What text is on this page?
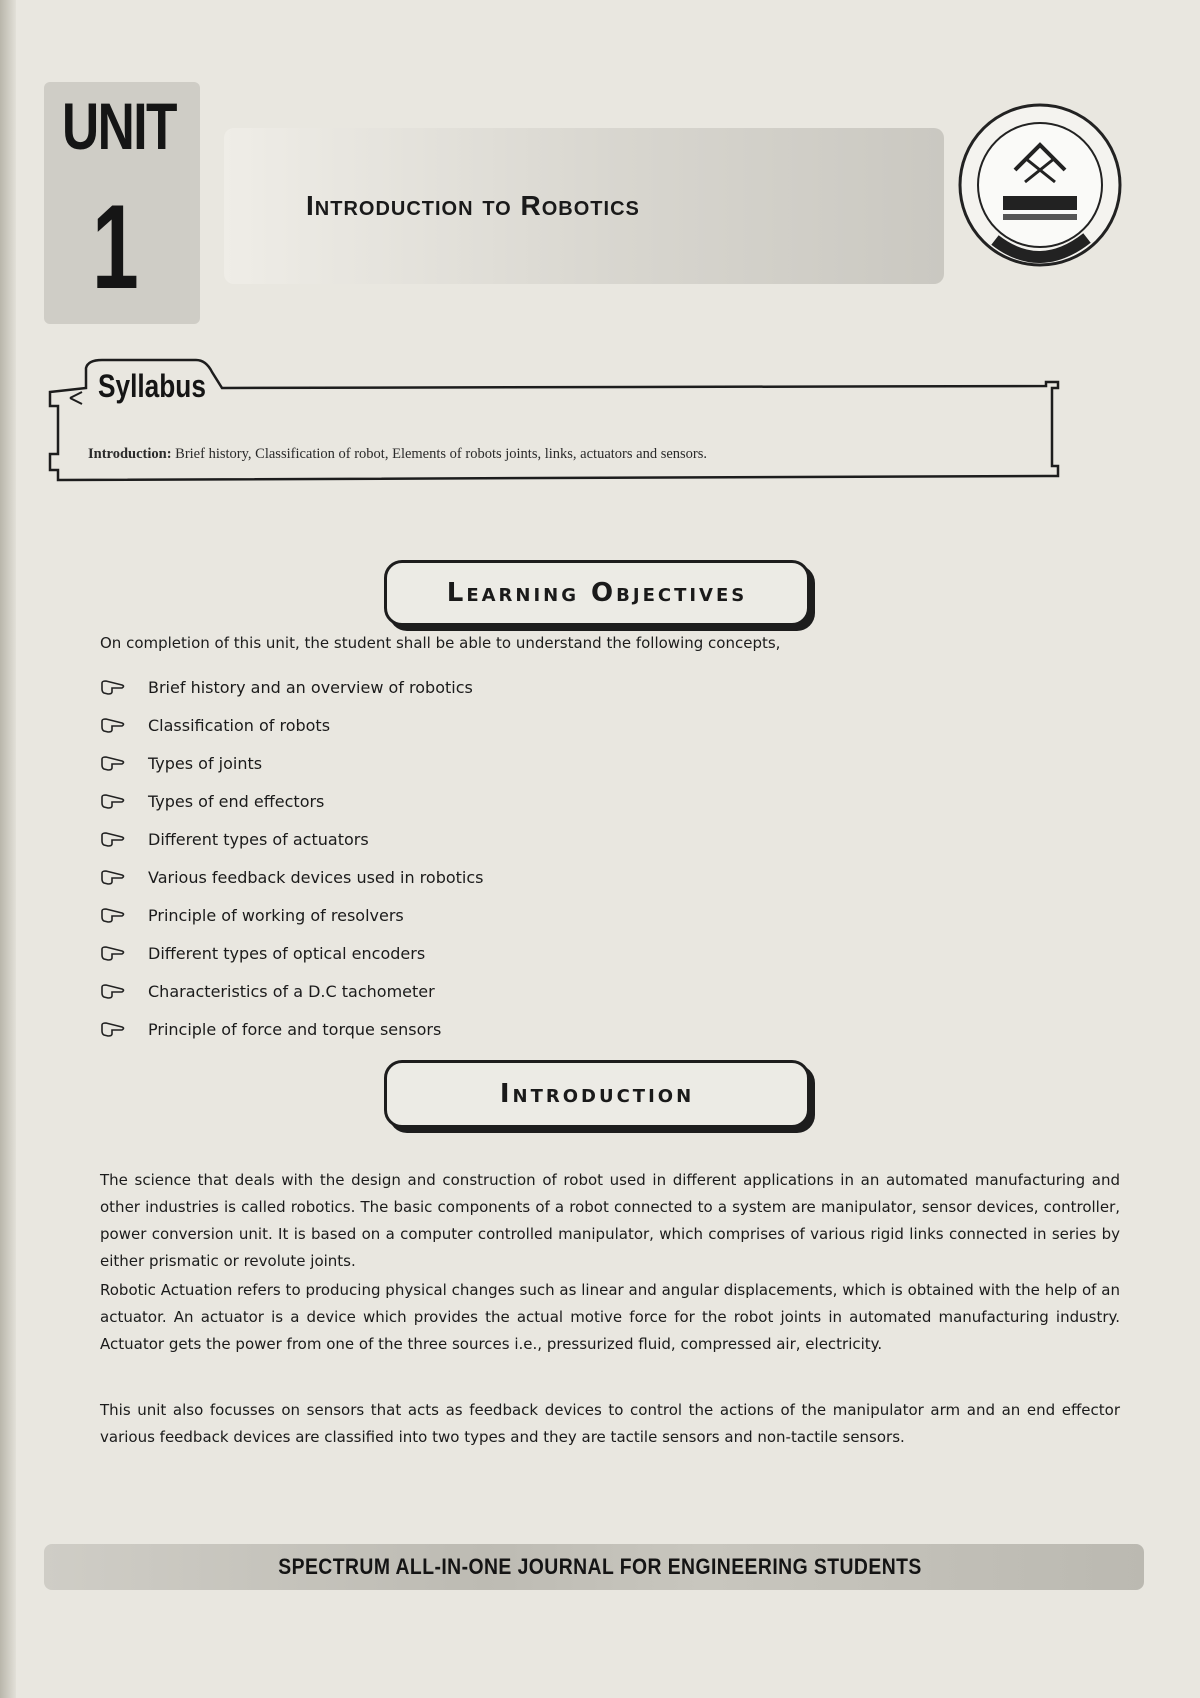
UNIT
1	Introduction to Robotics
Syllabus
Introduction: Brief history, Classification of robot, Elements of robots joints, links, actuators and sensors.
Learning Objectives
On completion of this unit, the student shall be able to understand the following concepts,
Brief history and an overview of robotics
Classification of robots
Types of joints
Types of end effectors
Different types of actuators
Various feedback devices used in robotics
Principle of working of resolvers
Different types of optical encoders
Characteristics of a D.C tachometer
Principle of force and torque sensors
Introduction

The science that deals with the design and construction of robot used in different applications in an automated manufacturing and other industries is called robotics. The basic components of a robot connected to a system are manipulator, sensor devices, controller, power conversion unit. It is based on a computer controlled manipulator, which comprises of various rigid links connected in series by either prismatic or revolute joints.

Robotic Actuation refers to producing physical changes such as linear and angular displacements, which is obtained with the help of an actuator. An actuator is a device which provides the actual motive force for the robot joints in automated manufacturing industry. Actuator gets the power from one of the three sources i.e., pressurized fluid, compressed air, electricity.

This unit also focusses on sensors that acts as feedback devices to control the actions of the manipulator arm and an end effector various feedback devices are classified into two types and they are tactile sensors and non-tactile sensors.

SPECTRUM ALL-IN-ONE JOURNAL FOR ENGINEERING STUDENTS
